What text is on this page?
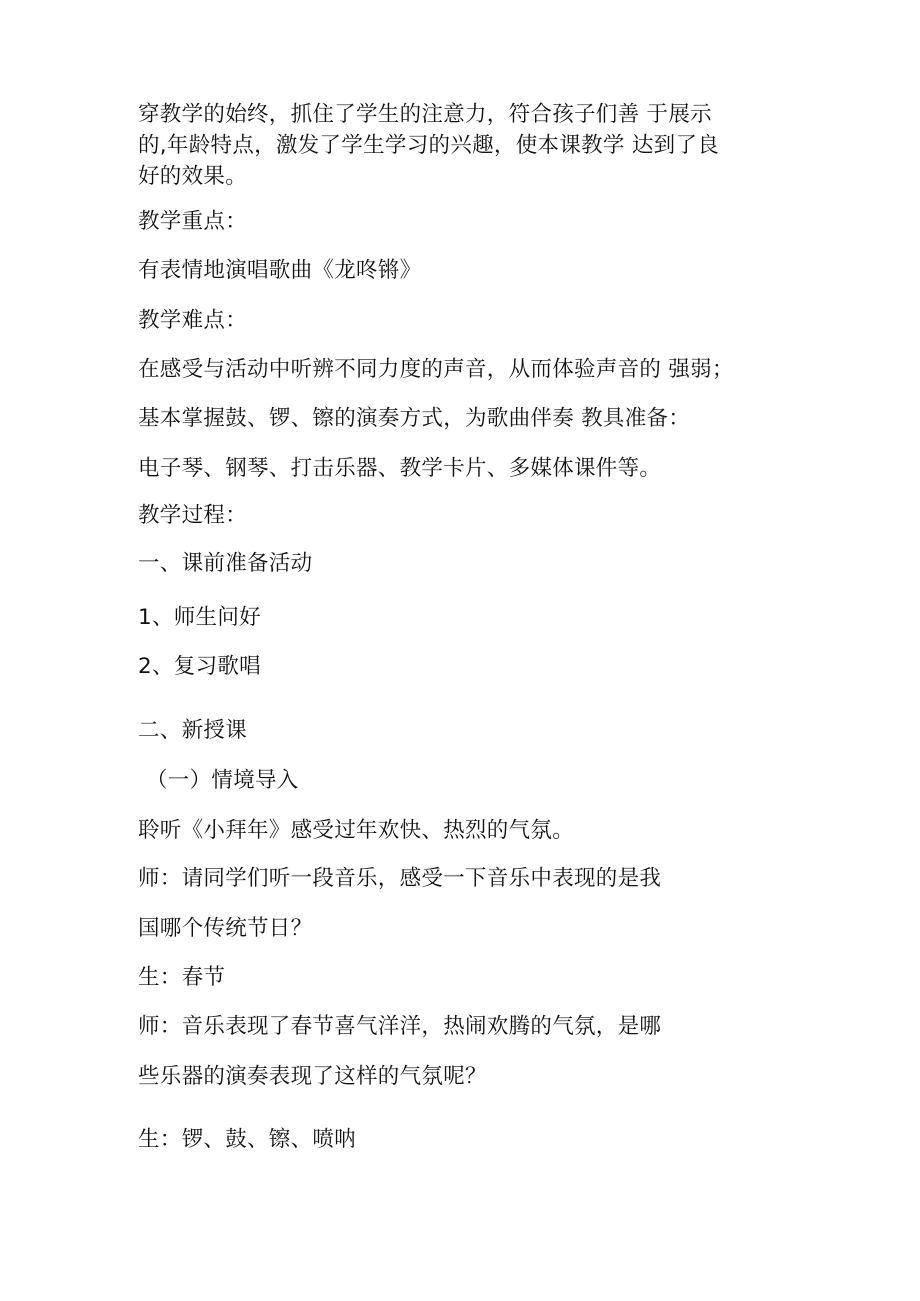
穿教学的始终，抓住了学生的注意力，符合孩子们善 于展示
的,年龄特点，激发了学生学习的兴趣，使本课教学 达到了良
好的效果。
教学重点：
有表情地演唱歌曲《龙咚锵》
教学难点：
在感受与活动中听辨不同力度的声音，从而体验声音的 强弱；
基本掌握鼓、锣、镲的演奏方式，为歌曲伴奏 教具准备：
电子琴、钢琴、打击乐器、教学卡片、多媒体课件等。
教学过程：
一、课前准备活动
1、师生问好
2、复习歌唱
二、新授课
（一）情境导入
聆听《小拜年》感受过年欢快、热烈的气氛。
师：请同学们听一段音乐，感受一下音乐中表现的是我
国哪个传统节日？
生：春节
师：音乐表现了春节喜气洋洋，热闹欢腾的气氛，是哪
些乐器的演奏表现了这样的气氛呢？
生：锣、鼓、镲、喷呐
